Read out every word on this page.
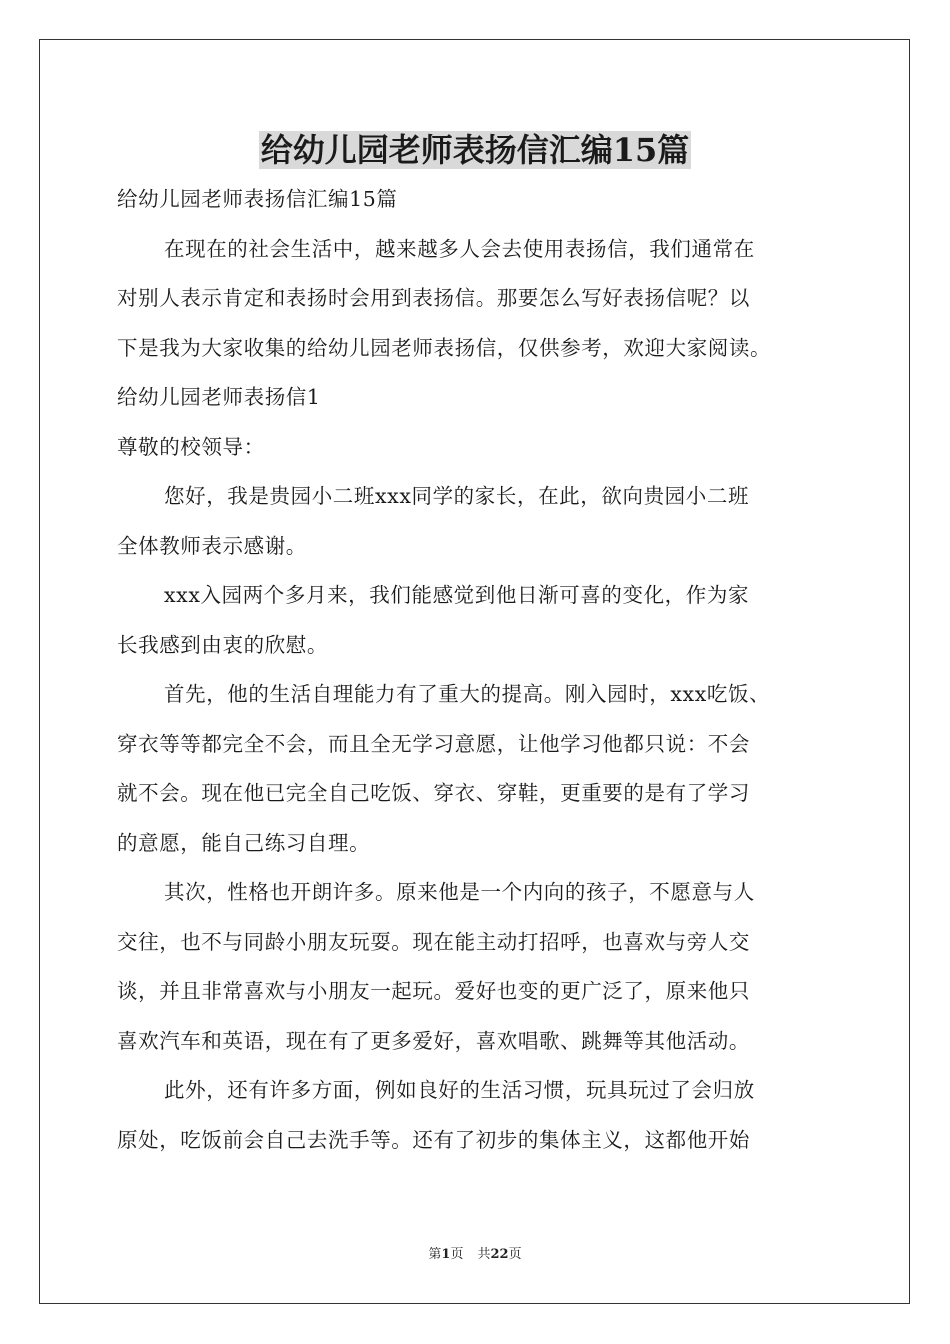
给幼儿园老师表扬信汇编15篇
给幼儿园老师表扬信汇编15篇
在现在的社会生活中，越来越多人会去使用表扬信，我们通常在
对别人表示肯定和表扬时会用到表扬信。那要怎么写好表扬信呢？以
下是我为大家收集的给幼儿园老师表扬信，仅供参考，欢迎大家阅读。
给幼儿园老师表扬信1
尊敬的校领导：
您好，我是贵园小二班xxx同学的家长，在此，欲向贵园小二班
全体教师表示感谢。
xxx入园两个多月来，我们能感觉到他日渐可喜的变化，作为家
长我感到由衷的欣慰。
首先，他的生活自理能力有了重大的提高。刚入园时，xxx吃饭、
穿衣等等都完全不会，而且全无学习意愿，让他学习他都只说：不会
就不会。现在他已完全自己吃饭、穿衣、穿鞋，更重要的是有了学习
的意愿，能自己练习自理。
其次，性格也开朗许多。原来他是一个内向的孩子，不愿意与人
交往，也不与同龄小朋友玩耍。现在能主动打招呼，也喜欢与旁人交
谈，并且非常喜欢与小朋友一起玩。爱好也变的更广泛了，原来他只
喜欢汽车和英语，现在有了更多爱好，喜欢唱歌、跳舞等其他活动。
此外，还有许多方面，例如良好的生活习惯，玩具玩过了会归放
原处，吃饭前会自己去洗手等。还有了初步的集体主义，这都他开始
第1页 共22页
